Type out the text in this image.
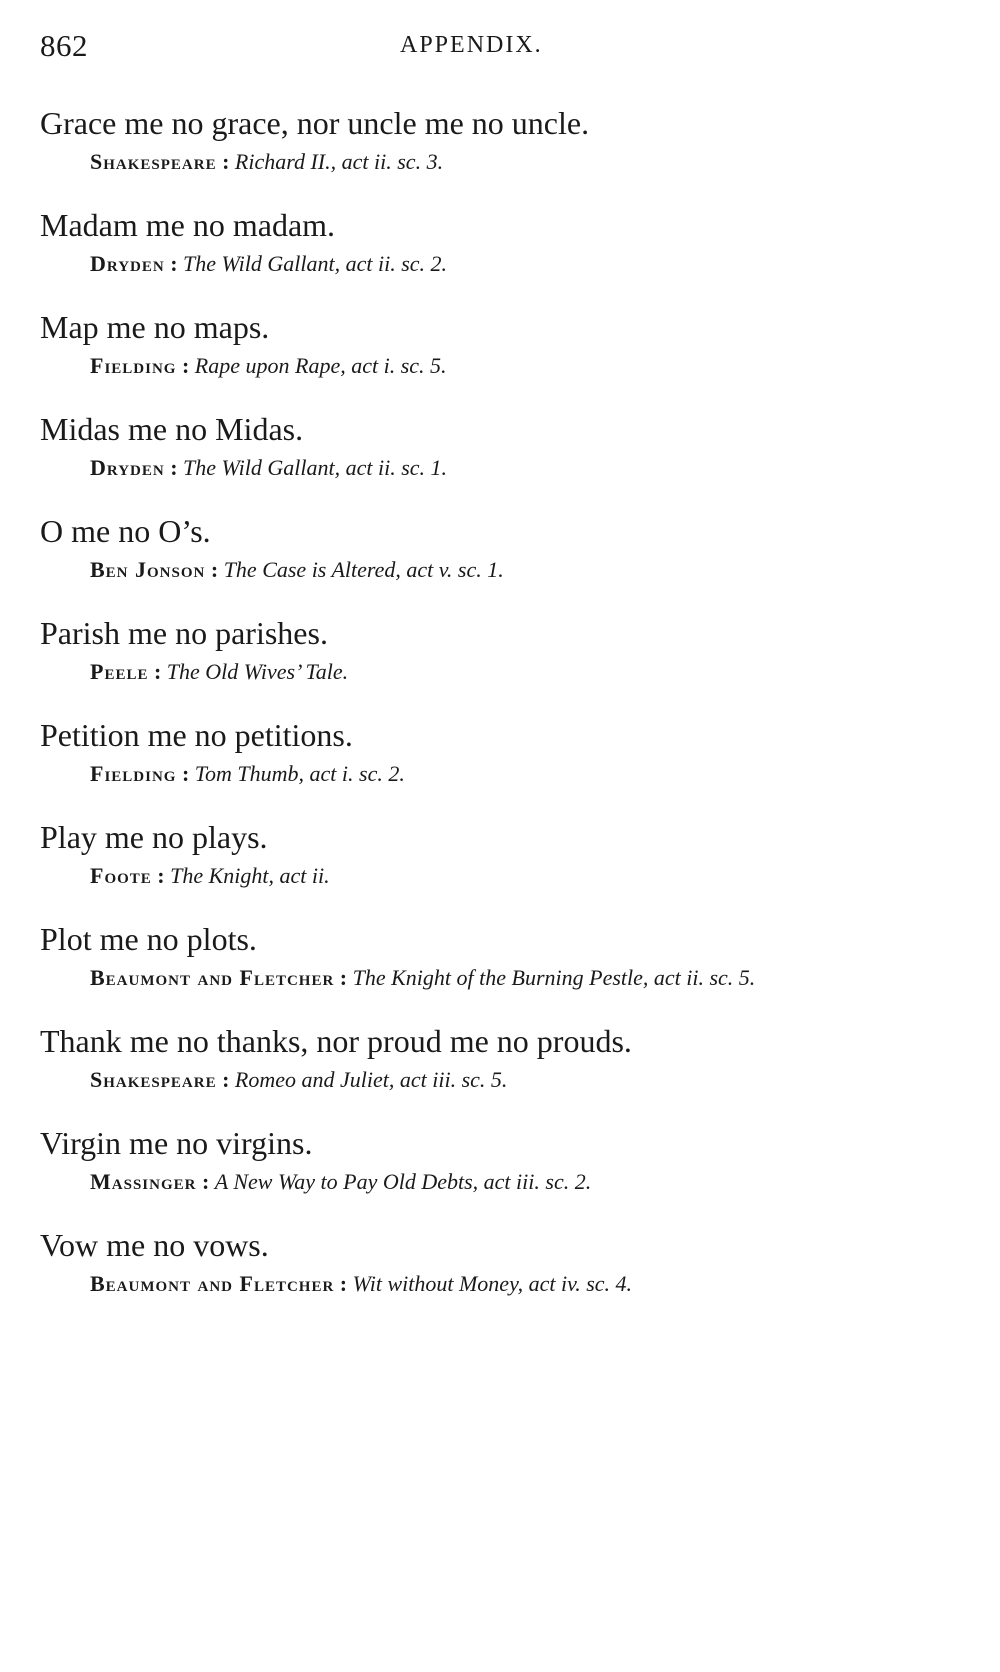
862	APPENDIX.
Grace me no grace, nor uncle me no uncle.
Shakespeare : Richard II., act ii. sc. 3.
Madam me no madam.
Dryden : The Wild Gallant, act ii. sc. 2.
Map me no maps.
Fielding : Rape upon Rape, act i. sc. 5.
Midas me no Midas.
Dryden : The Wild Gallant, act ii. sc. 1.
O me no O’s.
Ben Jonson : The Case is Altered, act v. sc. 1.
Parish me no parishes.
Peele : The Old Wives’ Tale.
Petition me no petitions.
Fielding : Tom Thumb, act i. sc. 2.
Play me no plays.
Foote : The Knight, act ii.
Plot me no plots.
Beaumont and Fletcher : The Knight of the Burning Pestle, act ii. sc. 5.
Thank me no thanks, nor proud me no prouds.
Shakespeare : Romeo and Juliet, act iii. sc. 5.
Virgin me no virgins.
Massinger : A New Way to Pay Old Debts, act iii. sc. 2.
Vow me no vows.
Beaumont and Fletcher : Wit without Money, act iv. sc. 4.
